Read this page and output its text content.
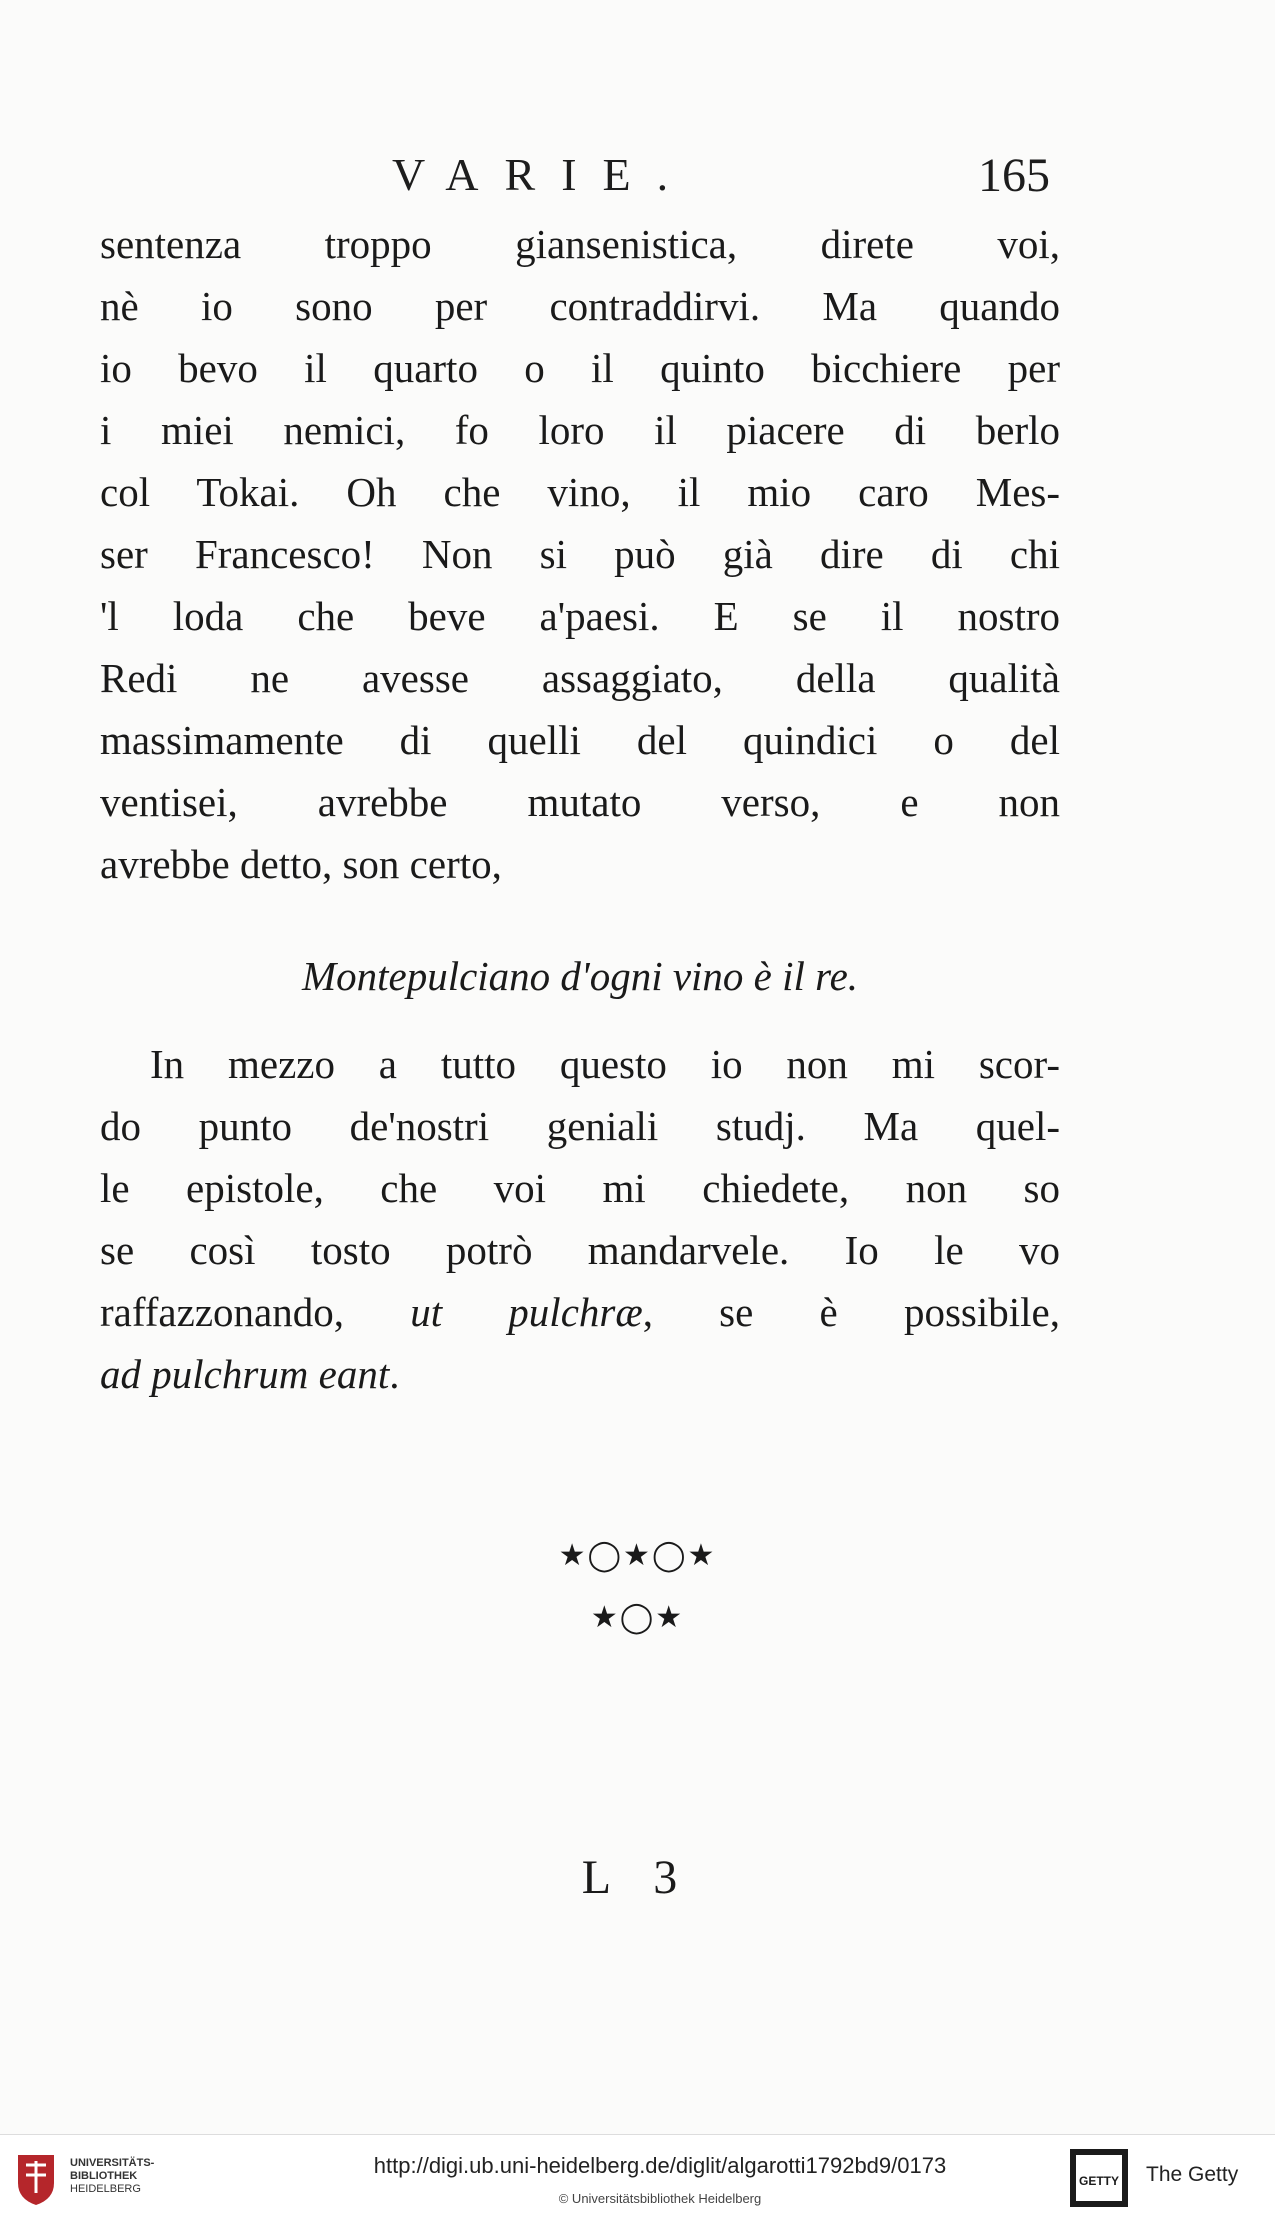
VARIE.	165
sentenza troppo giansenistica, direte voi,
nè io sono per contraddirvi. Ma quando
io bevo il quarto o il quinto bicchiere per
i miei nemici, fo loro il piacere di berlo
col Tokai. Oh che vino, il mio caro Mes-
ser Francesco! Non si può già dire di chi
'l loda che beve a'paesi. E se il nostro
Redi ne avesse assaggiato, della qualità
massimamente di quelli del quindici o del
ventisei, avrebbe mutato verso, e non
avrebbe detto, son certo,
In mezzo a tutto questo io non mi scor-
do punto de'nostri geniali studj. Ma quel-
le epistole, che voi mi chiedete, non so
se così tosto potrò mandarvele. Io le vo
raffazzonando, ut pulchræ, se è possibile,
ad pulchrum eant.
Montepulciano d'ogni vino è il re.
★◯★◯★
★◯★
L 3
UNIVERSITÄTS-
BIBLIOTHEK
HEIDELBERG
http://digi.ub.uni-heidelberg.de/diglit/algarotti1792bd9/0173
© Universitätsbibliothek Heidelberg
GETTY The Getty
